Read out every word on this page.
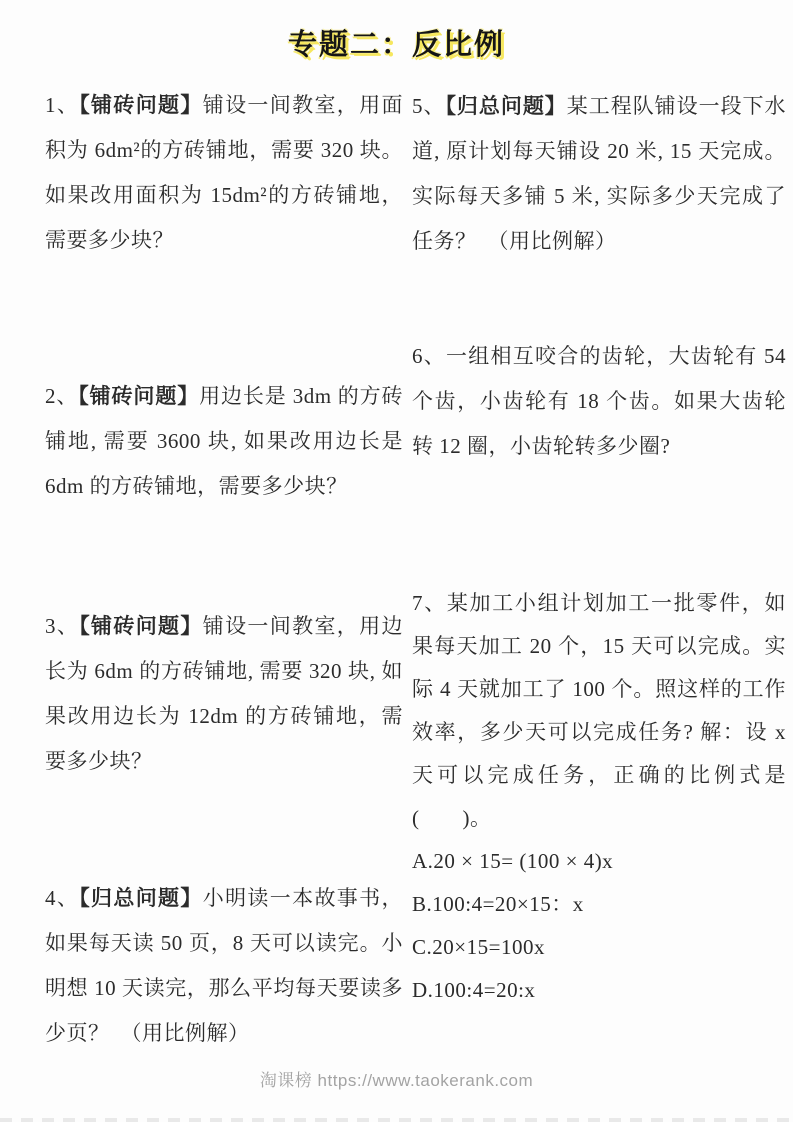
专题二：反比例
1、【铺砖问题】铺设一间教室，用面积为 6dm²的方砖铺地，需要 320 块。如果改用面积为 15dm²的方砖铺地，需要多少块？
2、【铺砖问题】用边长是 3dm 的方砖铺地, 需要 3600 块, 如果改用边长是 6dm 的方砖铺地，需要多少块？
3、【铺砖问题】铺设一间教室，用边长为 6dm 的方砖铺地, 需要 320 块, 如果改用边长为 12dm 的方砖铺地，需要多少块？
4、【归总问题】小明读一本故事书，如果每天读 50 页，8 天可以读完。小明想 10 天读完，那么平均每天要读多少页？　（用比例解）
5、【归总问题】某工程队铺设一段下水道, 原计划每天铺设 20 米, 15 天完成。实际每天多铺 5 米, 实际多少天完成了任务？　（用比例解）
6、一组相互咬合的齿轮，大齿轮有 54 个齿，小齿轮有 18 个齿。如果大齿轮转 12 圈，小齿轮转多少圈?
7、某加工小组计划加工一批零件，如果每天加工 20 个，15 天可以完成。实际 4 天就加工了 100 个。照这样的工作效率，多少天可以完成任务? 解：设 x 天可以完成任务，正确的比例式是 (　　)。
A.20 × 15= (100 × 4)x
B.100:4=20×15：x
C.20×15=100x
D.100:4=20:x
淘课榜 https://www.taokerank.com
